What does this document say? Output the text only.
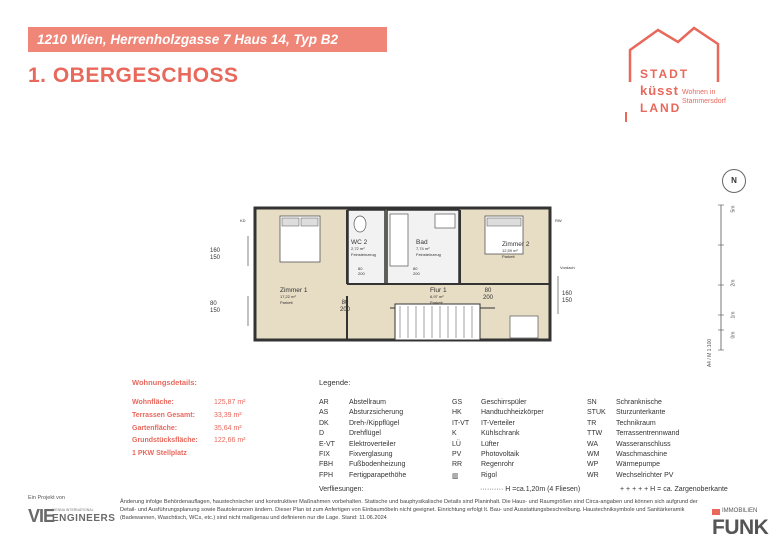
1210 Wien, Herrenholzgasse 7 Haus 14, Typ B2
1. OBERGESCHOSS	STADT
küsst
LAND
Wohnen in Stammersdorf
N
5m
2m
1m
0m
A4 / M 1:100
160
150
80
150
160
150
Zimmer 1
17,22 m²
Parkett
WC 2
2,72 m²
Feinsteinzeug
Bad
7,74 m²
Feinsteinzeug
Zimmer 2
12,59 m²
Parkett
Flur 1
6,97 m²
Parkett
80
200
80
200
80
200
80
200
Vordach
KD	RW
Wohnungsdetails:
Wohnfläche:	125,87 m²
Terrassen Gesamt:	33,39 m²
Gartenfläche:	35,64 m²
Grundstücksfläche: 122,66 m²
1 PKW Stellplatz
Legende:
AR	Abstellraum
AS	Absturzsicherung
DK	Dreh-/Kippflügel
D	Drehflügel
E-VT Elektroverteiler
FIX	Fixverglasung
FBH Fußbodenheizung
FPH Fertigparapethöhe
GS	Geschirrspüler
HK	Handtuchheizkörper
IT-VT IT-Verteiler
K	Kühlschrank
LÜ	Lüfter
PV	Photovoltaik
RR	Regenrohr
▥	Rigol
SN	Schranknische
STUK Sturzunterkante
TR	Technikraum
TTW Terrassentrennwand
WA	Wasseranschluss
WM Waschmaschine
WP	Wärmepumpe
WR Wechselrichter PV
Verfliesungen:	·········· H =ca.1,20m (4 Fliesen)	+ + + + + H = ca. Zargenoberkante
Ein Projekt von
VIE
VIENNA INTERNATIONAL
ENGINEERS
Änderung infolge Behördenauflagen, haustechnischer und konstruktiver Maßnahmen vorbehalten. Statische und bauphysikalische Details sind Planinhalt. Die Haus- und Raumgrößen sind Circa-angaben und können sich aufgrund der Detail- und Ausführungsplanung sowie Bautoleranzen ändern. Dieser Plan ist zum Anfertigen von Einbaumöbeln nicht geeignet. Einrichtung erfolgt lt. Bau- und Ausstattungsbeschreibung. Haustechniksymbole und Sanitärkeramik (Badewannen, Waschtisch, WCs, etc.) sind nicht maßgenau und definieren nur die Lage. Stand: 11.06.2024
IMMOBILIEN
FUNK
